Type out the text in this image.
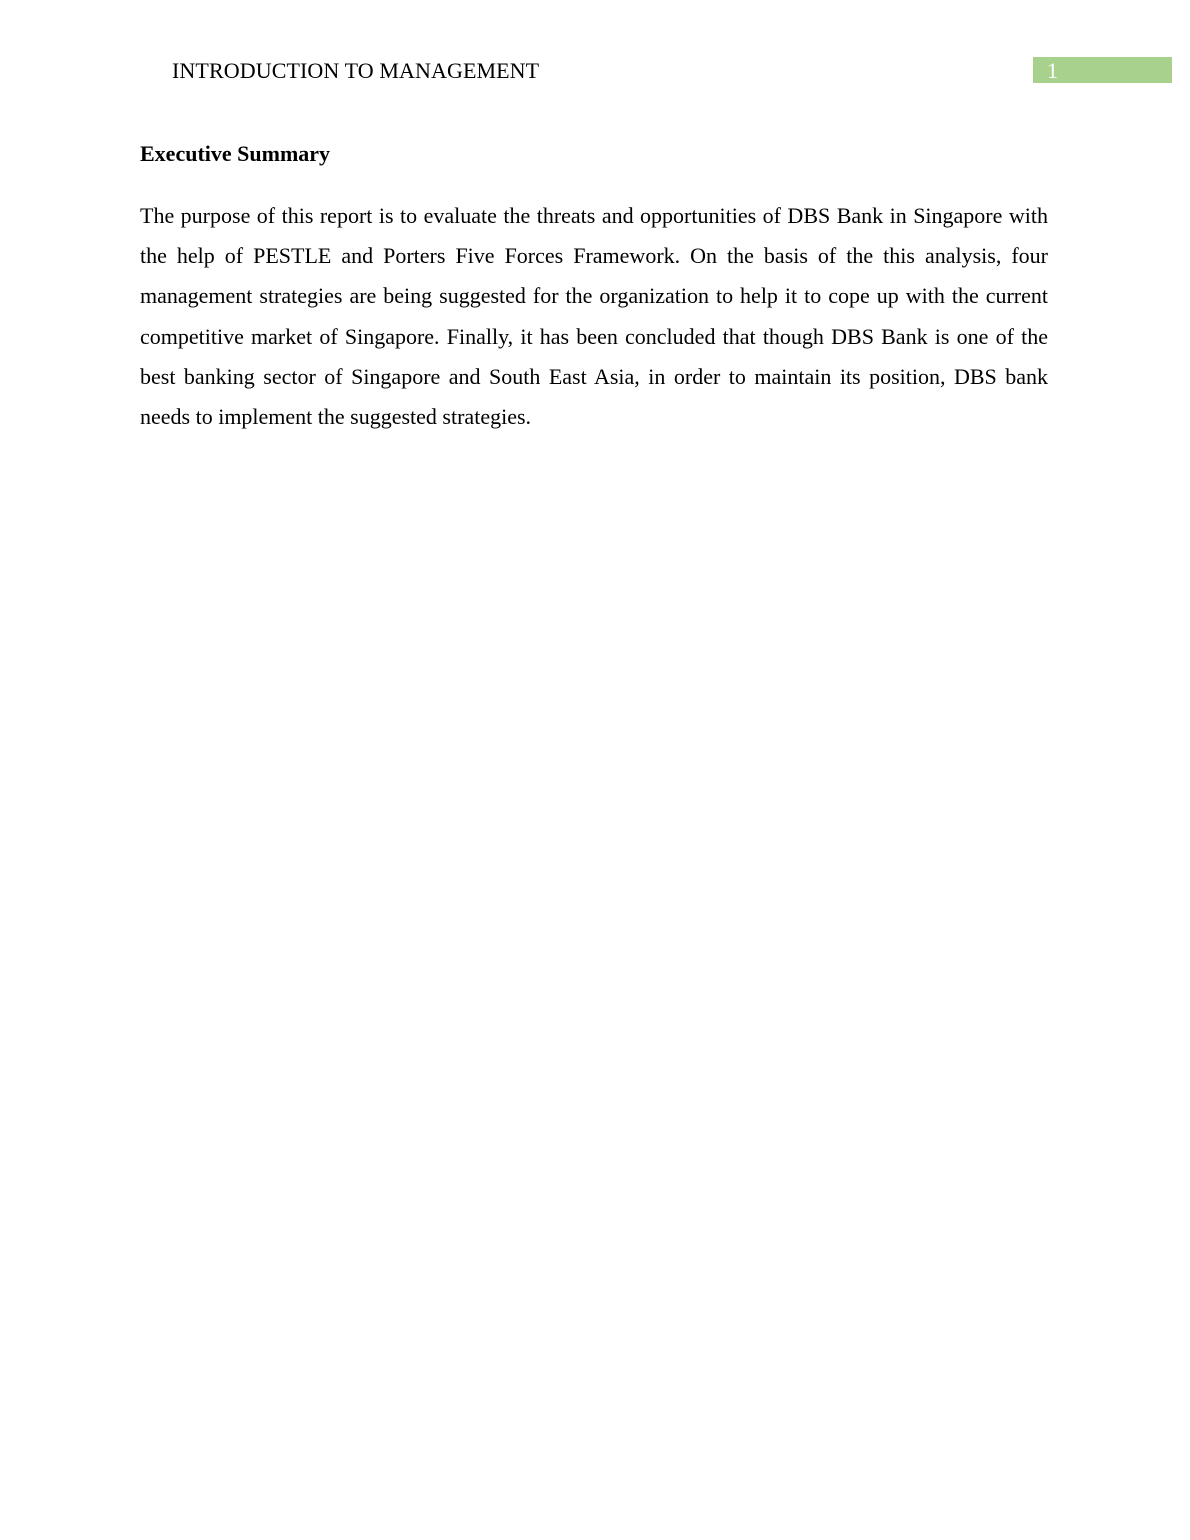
INTRODUCTION TO MANAGEMENT	1
Executive Summary

The purpose of this report is to evaluate the threats and opportunities of DBS Bank in Singapore with the help of PESTLE and Porters Five Forces Framework. On the basis of the this analysis, four management strategies are being suggested for the organization to help it to cope up with the current competitive market of Singapore. Finally, it has been concluded that though DBS Bank is one of the best banking sector of Singapore and South East Asia, in order to maintain its position, DBS bank needs to implement the suggested strategies.
